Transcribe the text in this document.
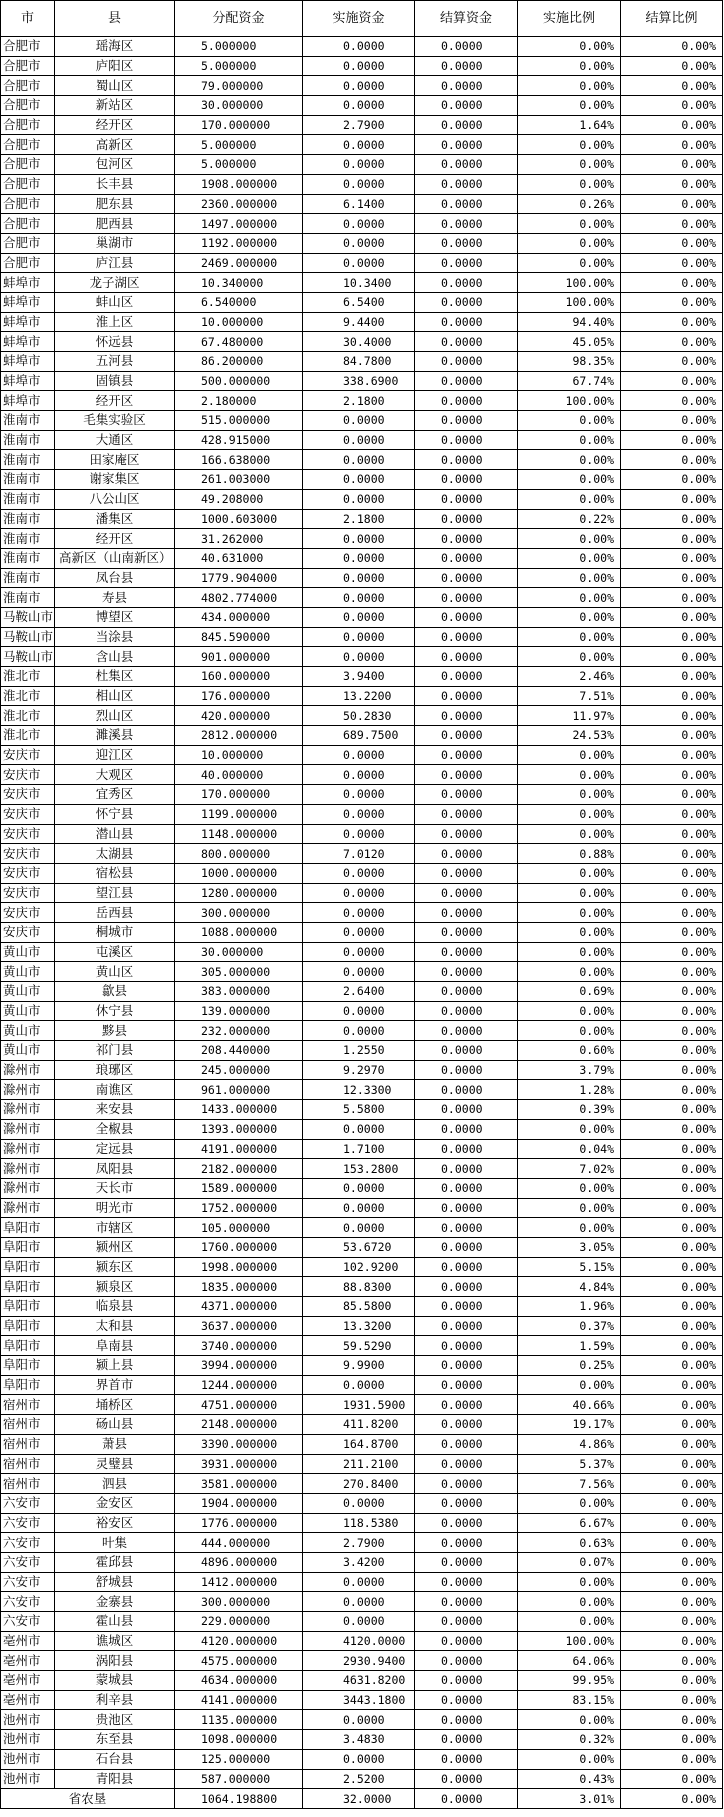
市	县	分配资金	实施资金	结算资金	实施比例	结算比例
合肥市	瑶海区	5.000000	0.0000	0.0000	0.00%	0.00%
合肥市	庐阳区	5.000000	0.0000	0.0000	0.00%	0.00%
合肥市	蜀山区	79.000000	0.0000	0.0000	0.00%	0.00%
合肥市	新站区	30.000000	0.0000	0.0000	0.00%	0.00%
合肥市	经开区	170.000000	2.7900	0.0000	1.64%	0.00%
合肥市	高新区	5.000000	0.0000	0.0000	0.00%	0.00%
合肥市	包河区	5.000000	0.0000	0.0000	0.00%	0.00%
合肥市	长丰县	1908.000000	0.0000	0.0000	0.00%	0.00%
合肥市	肥东县	2360.000000	6.1400	0.0000	0.26%	0.00%
合肥市	肥西县	1497.000000	0.0000	0.0000	0.00%	0.00%
合肥市	巢湖市	1192.000000	0.0000	0.0000	0.00%	0.00%
合肥市	庐江县	2469.000000	0.0000	0.0000	0.00%	0.00%
蚌埠市	龙子湖区	10.340000	10.3400	0.0000	100.00%	0.00%
蚌埠市	蚌山区	6.540000	6.5400	0.0000	100.00%	0.00%
蚌埠市	淮上区	10.000000	9.4400	0.0000	94.40%	0.00%
蚌埠市	怀远县	67.480000	30.4000	0.0000	45.05%	0.00%
蚌埠市	五河县	86.200000	84.7800	0.0000	98.35%	0.00%
蚌埠市	固镇县	500.000000	338.6900	0.0000	67.74%	0.00%
蚌埠市	经开区	2.180000	2.1800	0.0000	100.00%	0.00%
淮南市	毛集实验区	515.000000	0.0000	0.0000	0.00%	0.00%
淮南市	大通区	428.915000	0.0000	0.0000	0.00%	0.00%
淮南市	田家庵区	166.638000	0.0000	0.0000	0.00%	0.00%
淮南市	谢家集区	261.003000	0.0000	0.0000	0.00%	0.00%
淮南市	八公山区	49.208000	0.0000	0.0000	0.00%	0.00%
淮南市	潘集区	1000.603000	2.1800	0.0000	0.22%	0.00%
淮南市	经开区	31.262000	0.0000	0.0000	0.00%	0.00%
淮南市	高新区（山南新区）	40.631000	0.0000	0.0000	0.00%	0.00%
淮南市	凤台县	1779.904000	0.0000	0.0000	0.00%	0.00%
淮南市	寿县	4802.774000	0.0000	0.0000	0.00%	0.00%
马鞍山市	博望区	434.000000	0.0000	0.0000	0.00%	0.00%
马鞍山市	当涂县	845.590000	0.0000	0.0000	0.00%	0.00%
马鞍山市	含山县	901.000000	0.0000	0.0000	0.00%	0.00%
淮北市	杜集区	160.000000	3.9400	0.0000	2.46%	0.00%
淮北市	相山区	176.000000	13.2200	0.0000	7.51%	0.00%
淮北市	烈山区	420.000000	50.2830	0.0000	11.97%	0.00%
淮北市	濉溪县	2812.000000	689.7500	0.0000	24.53%	0.00%
安庆市	迎江区	10.000000	0.0000	0.0000	0.00%	0.00%
安庆市	大观区	40.000000	0.0000	0.0000	0.00%	0.00%
安庆市	宜秀区	170.000000	0.0000	0.0000	0.00%	0.00%
安庆市	怀宁县	1199.000000	0.0000	0.0000	0.00%	0.00%
安庆市	潜山县	1148.000000	0.0000	0.0000	0.00%	0.00%
安庆市	太湖县	800.000000	7.0120	0.0000	0.88%	0.00%
安庆市	宿松县	1000.000000	0.0000	0.0000	0.00%	0.00%
安庆市	望江县	1280.000000	0.0000	0.0000	0.00%	0.00%
安庆市	岳西县	300.000000	0.0000	0.0000	0.00%	0.00%
安庆市	桐城市	1088.000000	0.0000	0.0000	0.00%	0.00%
黄山市	屯溪区	30.000000	0.0000	0.0000	0.00%	0.00%
黄山市	黄山区	305.000000	0.0000	0.0000	0.00%	0.00%
黄山市	歙县	383.000000	2.6400	0.0000	0.69%	0.00%
黄山市	休宁县	139.000000	0.0000	0.0000	0.00%	0.00%
黄山市	黟县	232.000000	0.0000	0.0000	0.00%	0.00%
黄山市	祁门县	208.440000	1.2550	0.0000	0.60%	0.00%
滁州市	琅琊区	245.000000	9.2970	0.0000	3.79%	0.00%
滁州市	南谯区	961.000000	12.3300	0.0000	1.28%	0.00%
滁州市	来安县	1433.000000	5.5800	0.0000	0.39%	0.00%
滁州市	全椒县	1393.000000	0.0000	0.0000	0.00%	0.00%
滁州市	定远县	4191.000000	1.7100	0.0000	0.04%	0.00%
滁州市	凤阳县	2182.000000	153.2800	0.0000	7.02%	0.00%
滁州市	天长市	1589.000000	0.0000	0.0000	0.00%	0.00%
滁州市	明光市	1752.000000	0.0000	0.0000	0.00%	0.00%
阜阳市	市辖区	105.000000	0.0000	0.0000	0.00%	0.00%
阜阳市	颍州区	1760.000000	53.6720	0.0000	3.05%	0.00%
阜阳市	颍东区	1998.000000	102.9200	0.0000	5.15%	0.00%
阜阳市	颍泉区	1835.000000	88.8300	0.0000	4.84%	0.00%
阜阳市	临泉县	4371.000000	85.5800	0.0000	1.96%	0.00%
阜阳市	太和县	3637.000000	13.3200	0.0000	0.37%	0.00%
阜阳市	阜南县	3740.000000	59.5290	0.0000	1.59%	0.00%
阜阳市	颍上县	3994.000000	9.9900	0.0000	0.25%	0.00%
阜阳市	界首市	1244.000000	0.0000	0.0000	0.00%	0.00%
宿州市	埇桥区	4751.000000	1931.5900	0.0000	40.66%	0.00%
宿州市	砀山县	2148.000000	411.8200	0.0000	19.17%	0.00%
宿州市	萧县	3390.000000	164.8700	0.0000	4.86%	0.00%
宿州市	灵璧县	3931.000000	211.2100	0.0000	5.37%	0.00%
宿州市	泗县	3581.000000	270.8400	0.0000	7.56%	0.00%
六安市	金安区	1904.000000	0.0000	0.0000	0.00%	0.00%
六安市	裕安区	1776.000000	118.5380	0.0000	6.67%	0.00%
六安市	叶集	444.000000	2.7900	0.0000	0.63%	0.00%
六安市	霍邱县	4896.000000	3.4200	0.0000	0.07%	0.00%
六安市	舒城县	1412.000000	0.0000	0.0000	0.00%	0.00%
六安市	金寨县	300.000000	0.0000	0.0000	0.00%	0.00%
六安市	霍山县	229.000000	0.0000	0.0000	0.00%	0.00%
亳州市	谯城区	4120.000000	4120.0000	0.0000	100.00%	0.00%
亳州市	涡阳县	4575.000000	2930.9400	0.0000	64.06%	0.00%
亳州市	蒙城县	4634.000000	4631.8200	0.0000	99.95%	0.00%
亳州市	利辛县	4141.000000	3443.1800	0.0000	83.15%	0.00%
池州市	贵池区	1135.000000	0.0000	0.0000	0.00%	0.00%
池州市	东至县	1098.000000	3.4830	0.0000	0.32%	0.00%
池州市	石台县	125.000000	0.0000	0.0000	0.00%	0.00%
池州市	青阳县	587.000000	2.5200	0.0000	0.43%	0.00%
省农垦		1064.198800	32.0000	0.0000	3.01%	0.00%
